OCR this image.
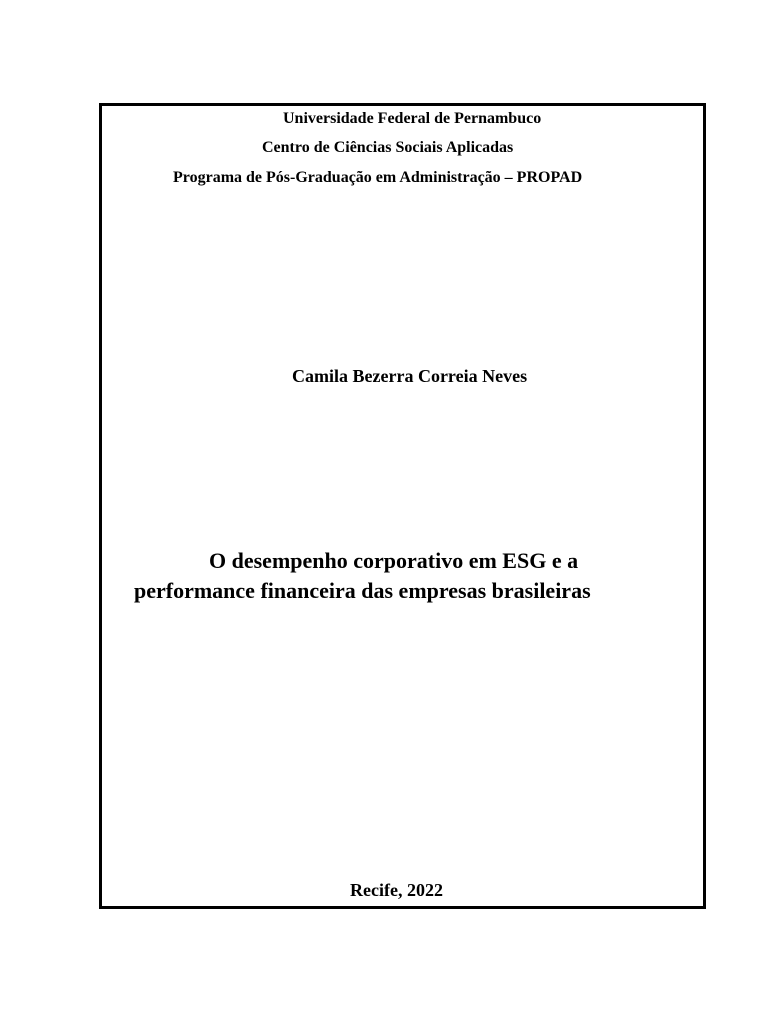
Universidade Federal de Pernambuco
Centro de Ciências Sociais Aplicadas
Programa de Pós-Graduação em Administração – PROPAD
Camila Bezerra Correia Neves
O desempenho corporativo em ESG e a
performance financeira das empresas brasileiras
Recife, 2022
